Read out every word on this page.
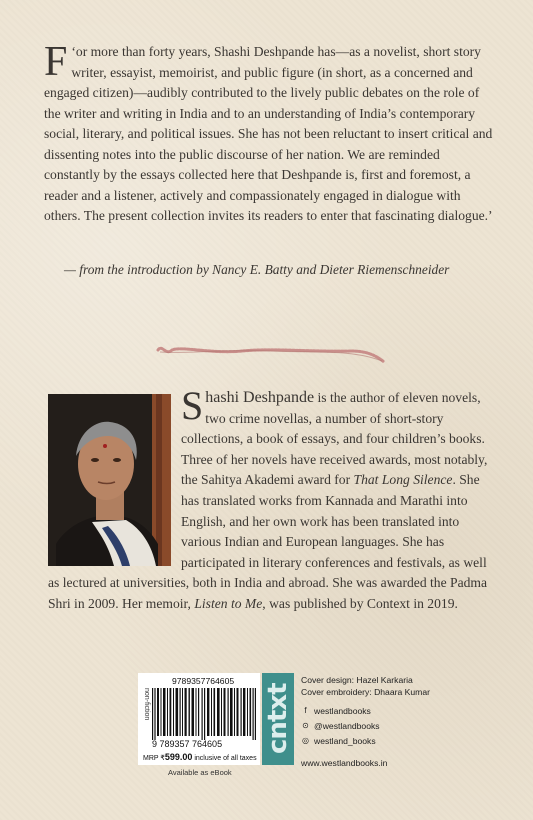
‘
F or more than forty years, Shashi Deshpande has—as a novelist, short story writer, essayist, memoirist, and public figure (in short, as a concerned and engaged citizen)—audibly contributed to the lively public debates on the role of the writer and writing in India and to an understanding of India’s contemporary social, literary, and political issues. She has not been reluctant to insert critical and dissenting notes into the public discourse of her nation. We are reminded constantly by the essays collected here that Deshpande is, first and foremost, a reader and a listener, actively and compassionately engaged in dialogue with others. The present collection invites its readers to enter that fascinating dialogue.’

— from the introduction by Nancy E. Batty and Dieter Riemenschneider

Shashi Deshpande is the author of eleven novels, two crime novellas, a number of short-story collections, a book of essays, and four children’s books. Three of her novels have received awards, most notably, the Sahitya Akademi award for That Long Silence. She has translated works from Kannada and Marathi into English, and her own work has been translated into various Indian and European languages. She has participated in literary conferences and festivals, as well as lectured at universities, both in India and abroad. She was awarded the Padma Shri in 2009. Her memoir, Listen to Me, was published by Context in 2019.

9789357764605
non-fiction
9 789357 764605
MRP ₹599.00 inclusive of all taxes
Available as eBook
cntxt
Cover design: Hazel Karkaria
Cover embroidery: Dhaara Kumar
f westlandbooks
⊙ @westlandbooks
◎ westland_books
www.westlandbooks.in
